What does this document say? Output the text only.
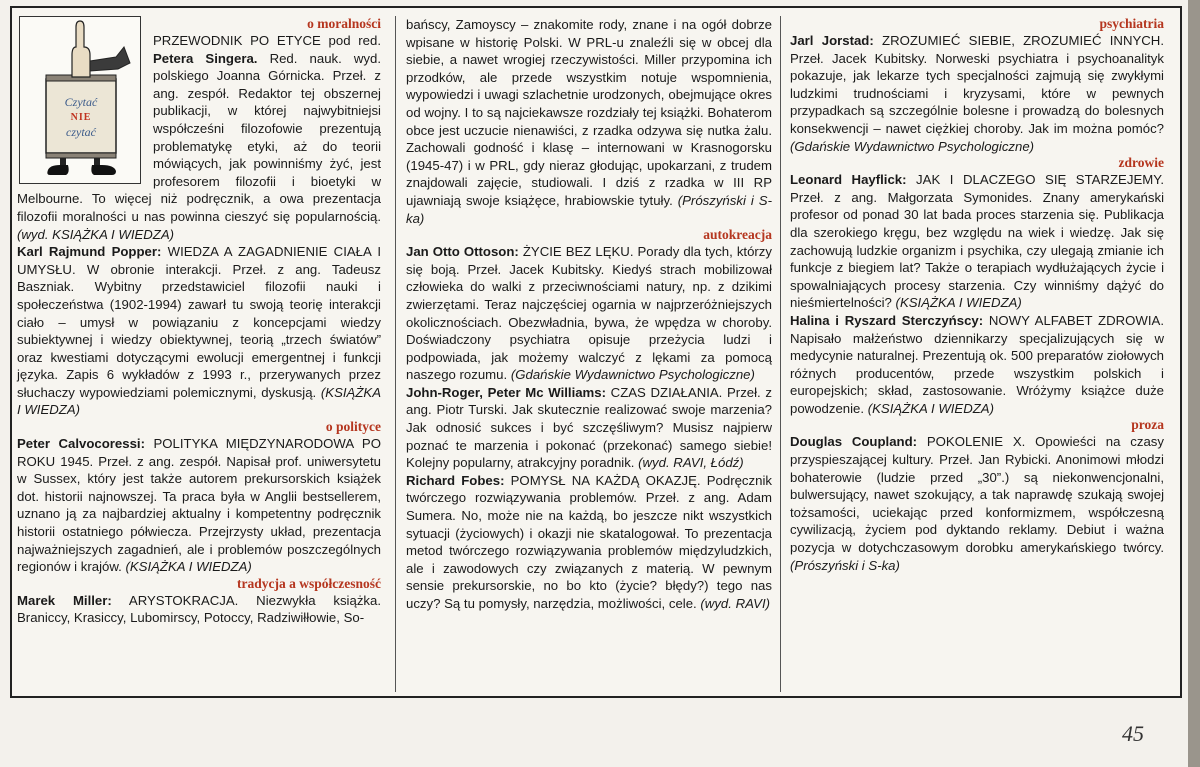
Czytać
NIE
czytać
o moralności

PRZEWODNIK PO ETYCE pod red. Petera Singera. Red. nauk. wyd. polskiego Joanna Górnicka. Przeł. z ang. zespół. Redaktor tej obszernej publikacji, w której najwybitniejsi współcześni filozofowie prezentują problematykę etyki, aż do teorii mówiących, jak powinniśmy żyć, jest profesorem filozofii i bioetyki w Melbourne. To więcej niż podręcznik, a owa prezentacja filozofii moralności u nas powinna cieszyć się popularnością. (wyd. KSIĄŻKA I WIEDZA)

Karl Rajmund Popper: WIEDZA A ZAGADNIENIE CIAŁA I UMYSŁU. W obronie interakcji. Przeł. z ang. Tadeusz Baszniak. Wybitny przedstawiciel filozofii nauki i społeczeństwa (1902-1994) zawarł tu swoją teorię interakcji ciało – umysł w powiązaniu z koncepcjami wiedzy subiektywnej i wiedzy obiektywnej, teorią „trzech światów” oraz kwestiami dotyczącymi ewolucji emergentnej i funkcji języka. Zapis 6 wykładów z 1993 r., przerywanych przez słuchaczy wypowiedziami polemicznymi, dyskusją. (KSIĄŻKA I WIEDZA)

o polityce

Peter Calvocoressi: POLITYKA MIĘDZYNARODOWA PO ROKU 1945. Przeł. z ang. zespół. Napisał prof. uniwersytetu w Sussex, który jest także autorem prekursorskich książek dot. historii najnowszej. Ta praca była w Anglii bestsellerem, uznano ją za najbardziej aktualny i kompetentny podręcznik historii ostatniego półwiecza. Przejrzysty układ, prezentacja najważniejszych zagadnień, ale i problemów poszczególnych regionów i krajów. (KSIĄŻKA I WIEDZA)

tradycja a współczesność

Marek Miller: ARYSTOKRACJA. Niezwykła książka. Braniccy, Krasiccy, Lubomirscy, Potoccy, Radziwiłłowie, So-

bańscy, Zamoyscy – znakomite rody, znane i na ogół dobrze wpisane w historię Polski. W PRL-u znaleźli się w obcej dla siebie, a nawet wrogiej rzeczywistości. Miller przypomina ich przodków, ale przede wszystkim notuje wspomnienia, wypowiedzi i uwagi szlachetnie urodzonych, obejmujące okres od wojny. I to są najciekawsze rozdziały tej książki. Bohaterom obce jest uczucie nienawiści, z rzadka odzywa się nutka żalu. Zachowali godność i klasę – internowani w Krasnogorsku (1945-47) i w PRL, gdy nieraz głodując, upokarzani, z trudem znajdowali zajęcie, studiowali. I dziś z rzadka w III RP ujawniają swoje książęce, hrabiowskie tytuły. (Prószyński i S-ka)

autokreacja

Jan Otto Ottoson: ŻYCIE BEZ LĘKU. Porady dla tych, którzy się boją. Przeł. Jacek Kubitsky. Kiedyś strach mobilizował człowieka do walki z przeciwnościami natury, np. z dzikimi zwierzętami. Teraz najczęściej ogarnia w najprzeróżniejszych okolicznościach. Obezwładnia, bywa, że wpędza w choroby. Doświadczony psychiatra opisuje przeżycia ludzi i podpowiada, jak możemy walczyć z lękami za pomocą naszego rozumu. (Gdańskie Wydawnictwo Psychologiczne)

John-Roger, Peter Mc Williams: CZAS DZIAŁANIA. Przeł. z ang. Piotr Turski. Jak skutecznie realizować swoje marzenia? Jak odnosić sukces i być szczęśliwym? Musisz najpierw poznać te marzenia i pokonać (przekonać) samego siebie! Kolejny popularny, atrakcyjny poradnik. (wyd. RAVI, Łódź)

Richard Fobes: POMYSŁ NA KAŻDĄ OKAZJĘ. Podręcznik twórczego rozwiązywania problemów. Przeł. z ang. Adam Sumera. No, może nie na każdą, bo jeszcze nikt wszystkich sytuacji (życiowych) i okazji nie skatalogował. To prezentacja metod twórczego rozwiązywania problemów międzyludzkich, ale i zawodowych czy związanych z materią. W pewnym sensie prekursorskie, no bo kto (życie? błędy?) tego nas uczy? Są tu pomysły, narzędzia, możliwości, cele. (wyd. RAVI)

psychiatria

Jarl Jorstad: ZROZUMIEĆ SIEBIE, ZROZUMIEĆ INNYCH. Przeł. Jacek Kubitsky. Norweski psychiatra i psychoanalityk pokazuje, jak lekarze tych specjalności zajmują się zwykłymi ludzkimi trudnościami i kryzysami, które w pewnych przypadkach są szczególnie bolesne i prowadzą do bolesnych konsekwencji – nawet ciężkiej choroby. Jak im można pomóc? (Gdańskie Wydawnictwo Psychologiczne)

zdrowie

Leonard Hayflick: JAK I DLACZEGO SIĘ STARZEJEMY. Przeł. z ang. Małgorzata Symonides. Znany amerykański profesor od ponad 30 lat bada proces starzenia się. Publikacja dla szerokiego kręgu, bez względu na wiek i wiedzę. Jak się zachowują ludzkie organizm i psychika, czy ulegają zmianie ich funkcje z biegiem lat? Także o terapiach wydłużających życie i spowalniających procesy starzenia. Czy winniśmy dążyć do nieśmiertelności? (KSIĄŻKA I WIEDZA)

Halina i Ryszard Sterczyńscy: NOWY ALFABET ZDROWIA. Napisało małżeństwo dziennikarzy specjalizujących się w medycynie naturalnej. Prezentują ok. 500 preparatów ziołowych różnych producentów, przede wszystkim polskich i europejskich; skład, zastosowanie. Wróżymy książce duże powodzenie. (KSIĄŻKA I WIEDZA)

proza

Douglas Coupland: POKOLENIE X. Opowieści na czasy przyspieszającej kultury. Przeł. Jan Rybicki. Anonimowi młodzi bohaterowie (ludzie przed „30”.) są niekonwencjonalni, bulwersujący, nawet szokujący, a tak naprawdę szukają swojej tożsamości, uciekając przed konformizmem, współczesną cywilizacją, życiem pod dyktando reklamy. Debiut i ważna pozycja w dotychczasowym dorobku amerykańskiego twórcy. (Prószyński i S-ka)

45
